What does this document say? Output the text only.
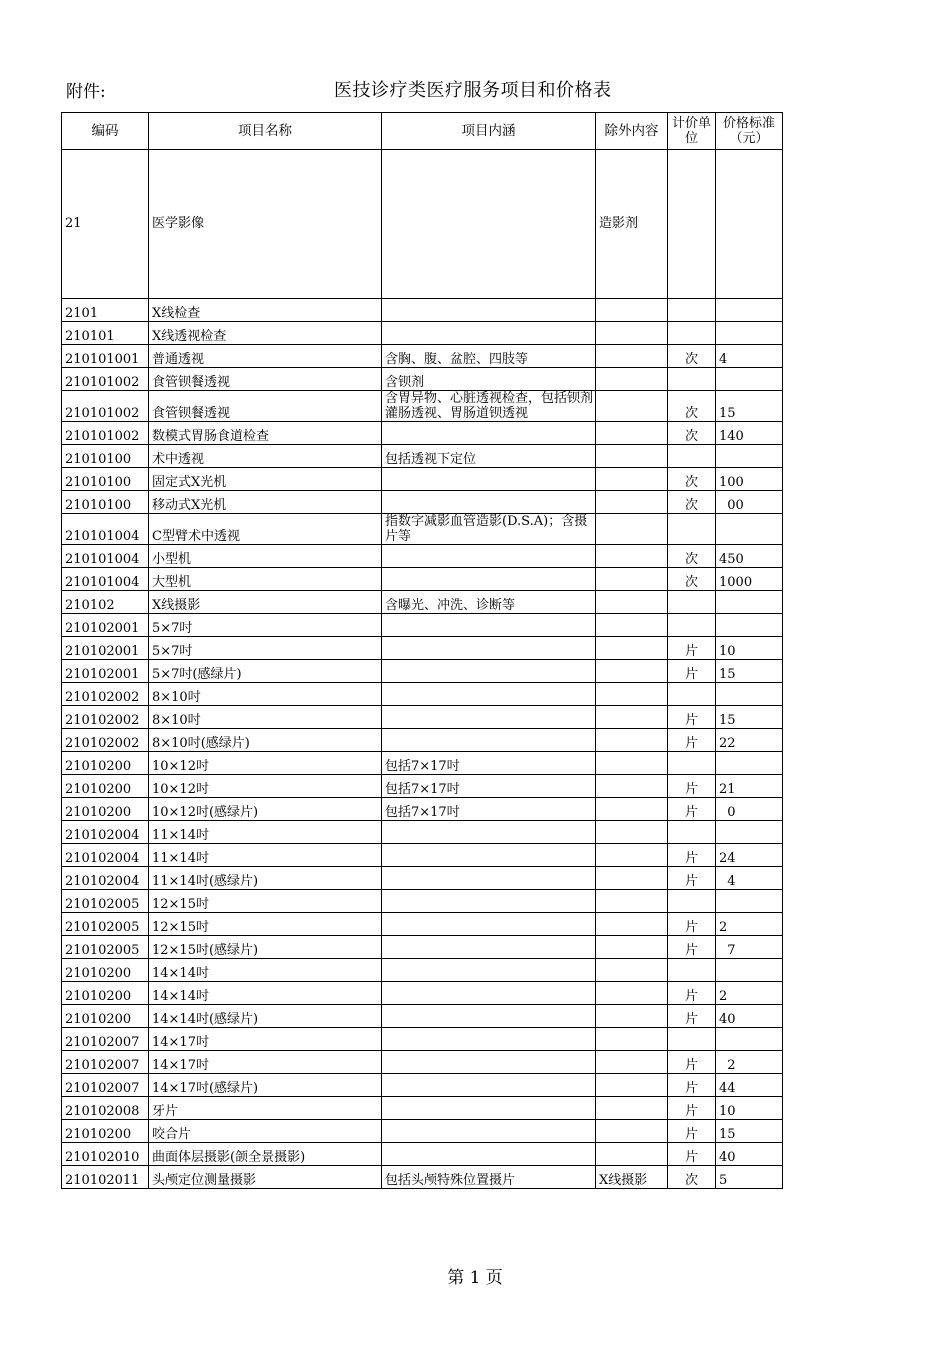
附件:	医技诊疗类医疗服务项目和价格表
编码	项目名称	项目内涵	除外内容	计价单位	价格标准（元）
21	医学影像		造影剂		
2101	X线检查				
210101	X线透视检查				
210101001	普通透视	含胸、腹、盆腔、四肢等		次	4
210101002	食管钡餐透视	含钡剂			
210101002	食管钡餐透视	含胃异物、心脏透视检查，包括钡剂灌肠透视、胃肠道钡透视		次	15
210101002	数模式胃肠食道检查			次	140
21010100	术中透视	包括透视下定位			
21010100	固定式X光机			次	100
21010100	移动式X光机			次	00
210101004	C型臂术中透视	指数字减影血管造影(D.S.A)；含摄片等			
210101004	小型机			次	450
210101004	大型机			次	1000
210102	X线摄影	含曝光、冲洗、诊断等			
210102001	5×7吋				
210102001	5×7吋			片	10
210102001	5×7吋(感绿片)			片	15
210102002	8×10吋				
210102002	8×10吋			片	15
210102002	8×10吋(感绿片)			片	22
21010200	10×12吋	包括7×17吋			
21010200	10×12吋	包括7×17吋		片	21
21010200	10×12吋(感绿片)	包括7×17吋		片	0
210102004	11×14吋				
210102004	11×14吋			片	24
210102004	11×14吋(感绿片)			片	4
210102005	12×15吋				
210102005	12×15吋			片	2
210102005	12×15吋(感绿片)			片	7
21010200	14×14吋				
21010200	14×14吋			片	2
21010200	14×14吋(感绿片)			片	40
210102007	14×17吋				
210102007	14×17吋			片	2
210102007	14×17吋(感绿片)			片	44
210102008	牙片			片	10
21010200	咬合片			片	15
210102010	曲面体层摄影(颌全景摄影)			片	40
210102011	头颅定位测量摄影	包括头颅特殊位置摄片	X线摄影	次	5
第 1 页
